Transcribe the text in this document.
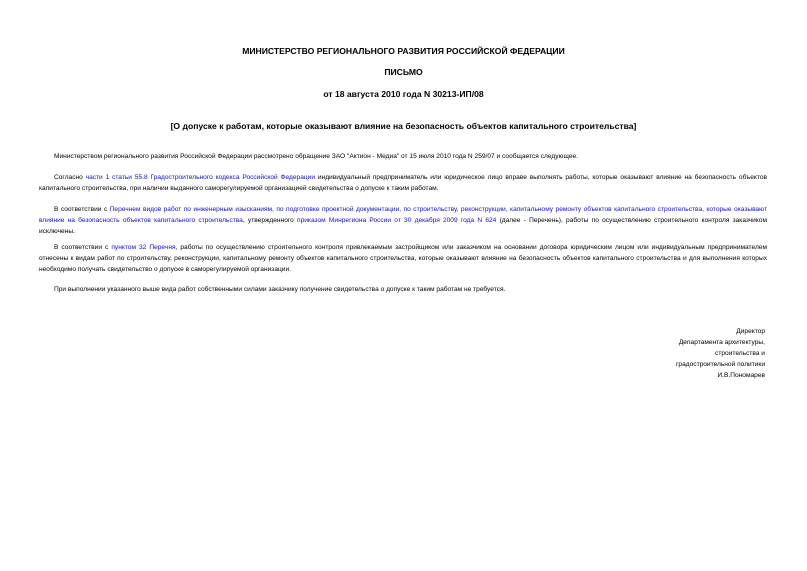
МИНИСТЕРСТВО РЕГИОНАЛЬНОГО РАЗВИТИЯ РОССИЙСКОЙ ФЕДЕРАЦИИ
ПИСЬМО
от 18 августа 2010 года N 30213-ИП/08
[О допуске к работам, которые оказывают влияние на безопасность объектов капитального строительства]
Министерством регионального развития Российской Федерации рассмотрено обращение ЗАО "Актион - Медиа" от 15 июля 2010 года N 259/07 и сообщается следующее.
Согласно части 1 статьи 55.8 Градостроительного кодекса Российской Федерации индивидуальный предприниматель или юридическое лицо вправе выполнять работы, которые оказывают влияние на безопасность объектов капитального строительства, при наличии выданного саморегулируемой организацией свидетельства о допуске к таким работам.
В соответствии с Перечнем видов работ по инженерным изысканиям, по подготовке проектной документации, по строительству, реконструкции, капитальному ремонту объектов капитального строительства, которые оказывают влияние на безопасность объектов капитального строительства, утвержденного приказом Минрегиона России от 30 декабря 2009 года N 624 (далее - Перечень), работы по осуществлению строительного контроля заказчиком исключены.
В соответствии с пунктом 32 Перечня, работы по осуществлению строительного контроля привлекаемым застройщиком или заказчиком на основании договора юридическим лицом или индивидуальным предпринимателем отнесены к видам работ по строительству, реконструкции, капитальному ремонту объектов капитального строительства, которые оказывают влияние на безопасность объектов капитального строительства и для выполнения которых необходимо получать свидетельство о допуске в саморегулируемой организации.
При выполнении указанного выше вида работ собственными силами заказчику получение свидетельства о допуске к таким работам не требуется.
Директор
Департамента архитектуры,
строительства и
градостроительной политики
И.В.Пономарев
